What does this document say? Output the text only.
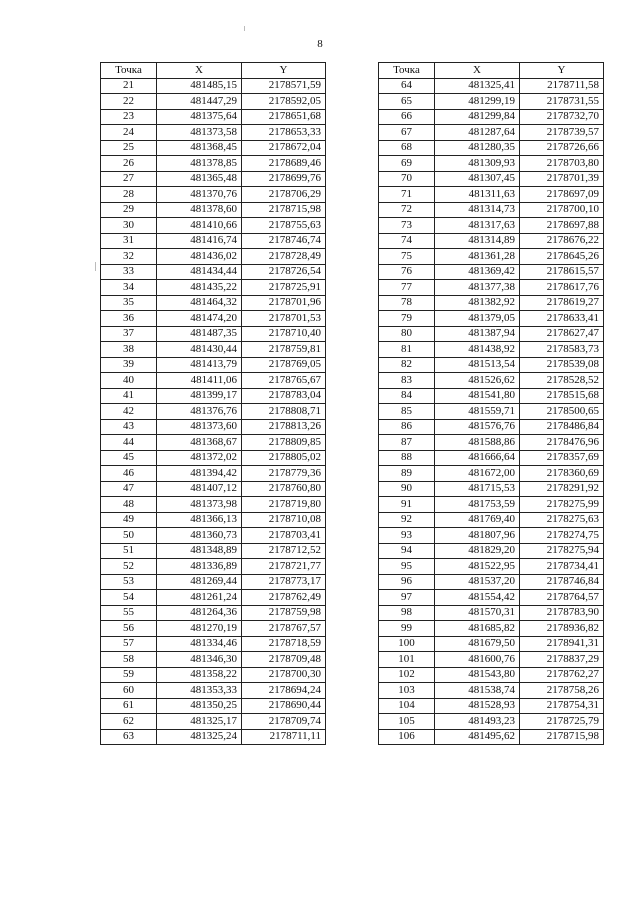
8
Точка	X	Y
21	481485,15	2178571,59
22	481447,29	2178592,05
23	481375,64	2178651,68
24	481373,58	2178653,33
25	481368,45	2178672,04
26	481378,85	2178689,46
27	481365,48	2178699,76
28	481370,76	2178706,29
29	481378,60	2178715,98
30	481410,66	2178755,63
31	481416,74	2178746,74
32	481436,02	2178728,49
33	481434,44	2178726,54
34	481435,22	2178725,91
35	481464,32	2178701,96
36	481474,20	2178701,53
37	481487,35	2178710,40
38	481430,44	2178759,81
39	481413,79	2178769,05
40	481411,06	2178765,67
41	481399,17	2178783,04
42	481376,76	2178808,71
43	481373,60	2178813,26
44	481368,67	2178809,85
45	481372,02	2178805,02
46	481394,42	2178779,36
47	481407,12	2178760,80
48	481373,98	2178719,80
49	481366,13	2178710,08
50	481360,73	2178703,41
51	481348,89	2178712,52
52	481336,89	2178721,77
53	481269,44	2178773,17
54	481261,24	2178762,49
55	481264,36	2178759,98
56	481270,19	2178767,57
57	481334,46	2178718,59
58	481346,30	2178709,48
59	481358,22	2178700,30
60	481353,33	2178694,24
61	481350,25	2178690,44
62	481325,17	2178709,74
63	481325,24	2178711,11
Точка	X	Y
64	481325,41	2178711,58
65	481299,19	2178731,55
66	481299,84	2178732,70
67	481287,64	2178739,57
68	481280,35	2178726,66
69	481309,93	2178703,80
70	481307,45	2178701,39
71	481311,63	2178697,09
72	481314,73	2178700,10
73	481317,63	2178697,88
74	481314,89	2178676,22
75	481361,28	2178645,26
76	481369,42	2178615,57
77	481377,38	2178617,76
78	481382,92	2178619,27
79	481379,05	2178633,41
80	481387,94	2178627,47
81	481438,92	2178583,73
82	481513,54	2178539,08
83	481526,62	2178528,52
84	481541,80	2178515,68
85	481559,71	2178500,65
86	481576,76	2178486,84
87	481588,86	2178476,96
88	481666,64	2178357,69
89	481672,00	2178360,69
90	481715,53	2178291,92
91	481753,59	2178275,99
92	481769,40	2178275,63
93	481807,96	2178274,75
94	481829,20	2178275,94
95	481522,95	2178734,41
96	481537,20	2178746,84
97	481554,42	2178764,57
98	481570,31	2178783,90
99	481685,82	2178936,82
100	481679,50	2178941,31
101	481600,76	2178837,29
102	481543,80	2178762,27
103	481538,74	2178758,26
104	481528,93	2178754,31
105	481493,23	2178725,79
106	481495,62	2178715,98
